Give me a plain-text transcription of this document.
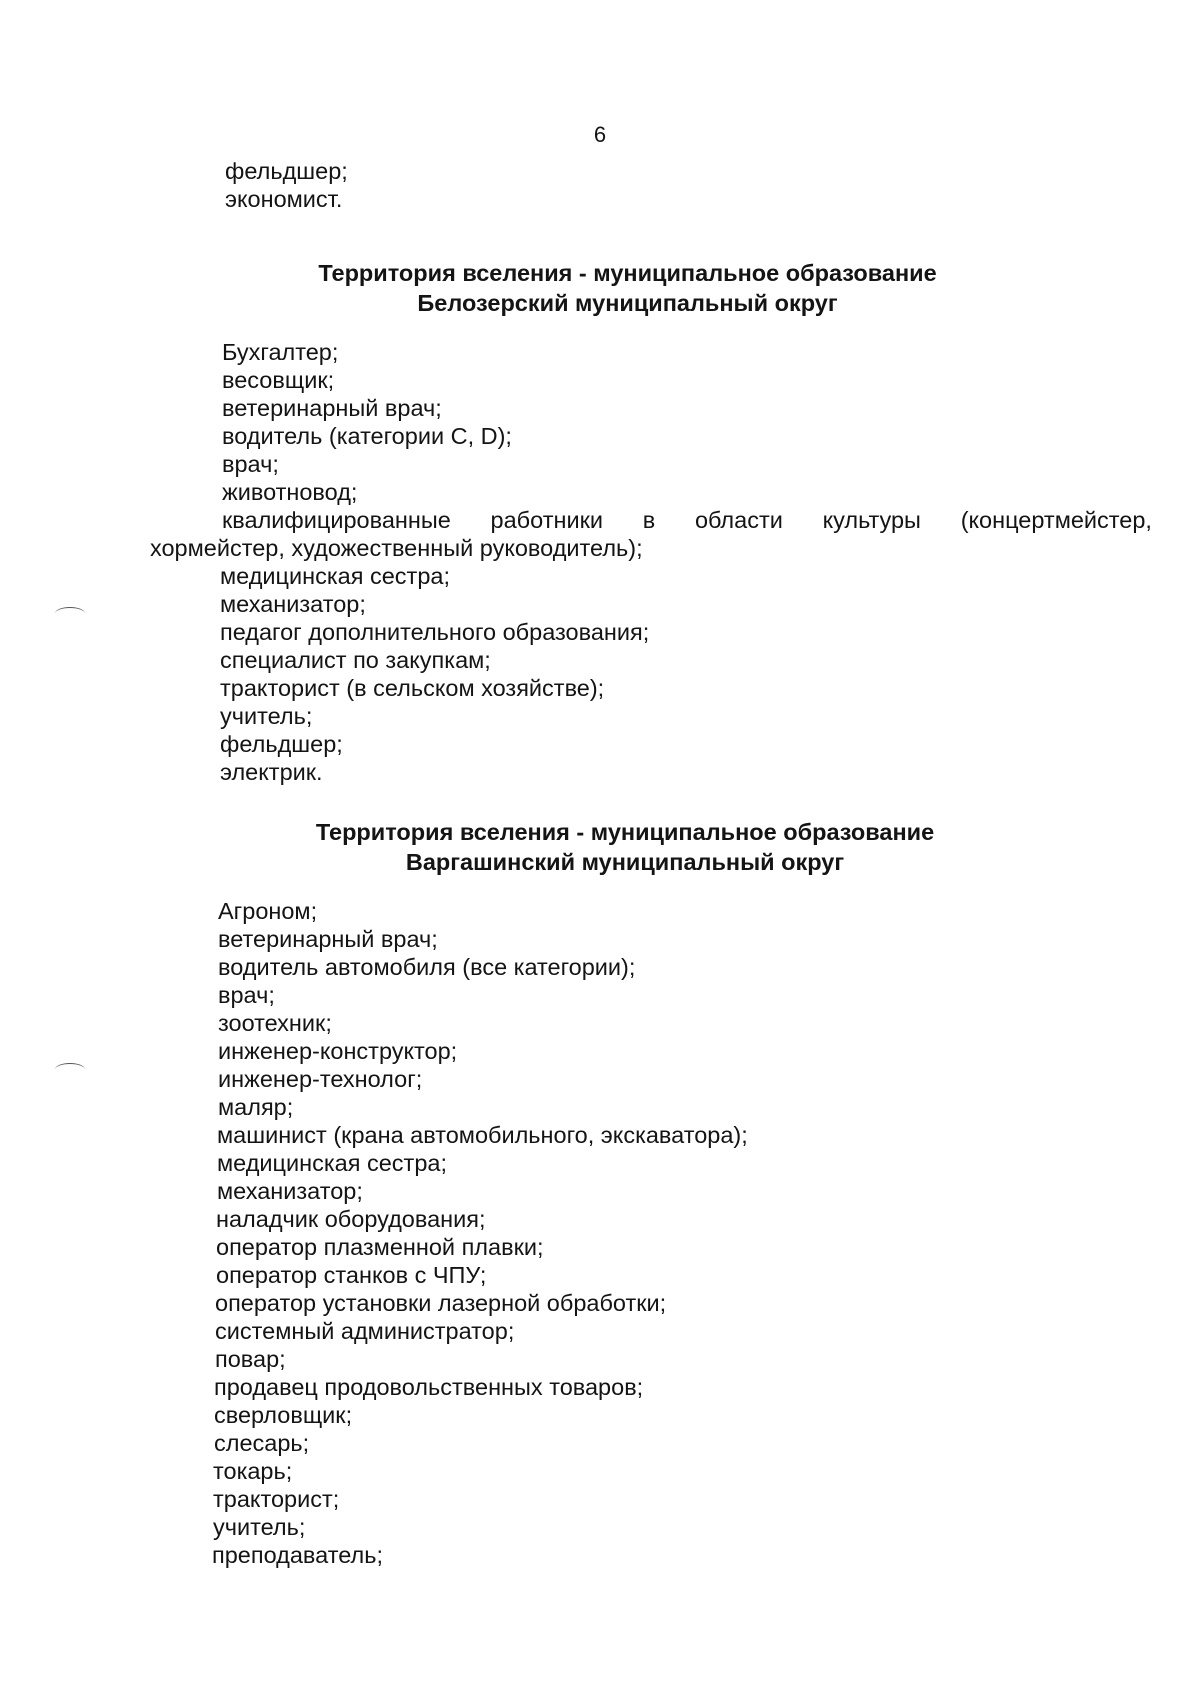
6
фельдшер;
экономист.
Территория вселения - муниципальное образование
Белозерский муниципальный округ
Бухгалтер;
весовщик;
ветеринарный врач;
водитель (категории С, D);
врач;
животновод;
квалифицированные работники в области культуры (концертмейстер,
хормейстер, художественный руководитель);
медицинская сестра;
механизатор;
педагог дополнительного образования;
специалист по закупкам;
тракторист (в сельском хозяйстве);
учитель;
фельдшер;
электрик.
Территория вселения - муниципальное образование
Варгашинский муниципальный округ
Агроном;
ветеринарный врач;
водитель автомобиля (все категории);
врач;
зоотехник;
инженер-конструктор;
инженер-технолог;
маляр;
машинист (крана автомобильного, экскаватора);
медицинская сестра;
механизатор;
наладчик оборудования;
оператор плазменной плавки;
оператор станков с ЧПУ;
оператор установки лазерной обработки;
системный администратор;
повар;
продавец продовольственных товаров;
сверловщик;
слесарь;
токарь;
тракторист;
учитель;
преподаватель;
